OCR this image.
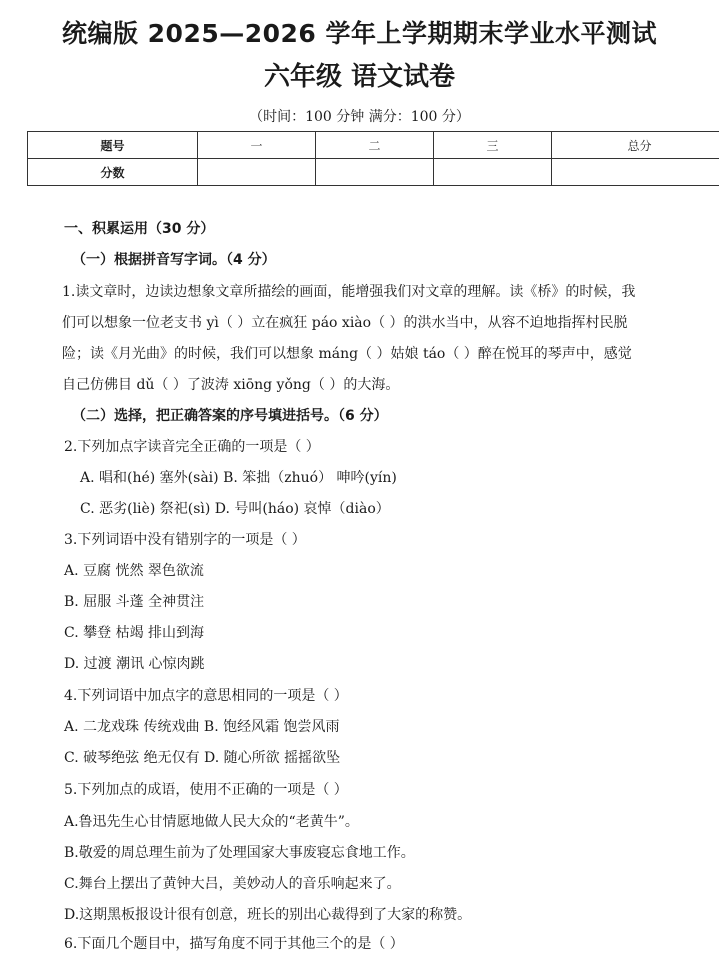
统编版 2025—2026 学年上学期期末学业水平测试
六年级 语文试卷
（时间：100 分钟 满分：100 分）
题号	一	二	三	总分
分数				
一、积累运用（30 分）
（一）根据拼音写字词。（4 分）
1.读文章时，边读边想象文章所描绘的画面，能增强我们对文章的理解。读《桥》的时候，我
们可以想象一位老支书 yì（ ）立在疯狂 páo xiào（ ）的洪水当中，从容不迫地指挥村民脱
险；读《月光曲》的时候，我们可以想象 máng（ ）姑娘 táo（ ）醉在悦耳的琴声中，感觉
自己仿佛目 dǔ（ ）了波涛 xiōng yǒng（ ）的大海。
（二）选择，把正确答案的序号填进括号。（6 分）
2.下列加点字读音完全正确的一项是（ ）
A. 唱和(hé) 塞外(sài) B. 笨拙（zhuó） 呻吟(yín)
C. 恶劣(liè) 祭祀(sì) D. 号叫(háo) 哀悼（diào）
3.下列词语中没有错别字的一项是（ ）
A. 豆腐 恍然 翠色欲流
B. 屈服 斗蓬 全神贯注
C. 攀登 枯竭 排山到海
D. 过渡 潮讯 心惊肉跳
4.下列词语中加点字的意思相同的一项是（ ）
A. 二龙戏珠 传统戏曲 B. 饱经风霜 饱尝风雨
C. 破琴绝弦 绝无仅有 D. 随心所欲 摇摇欲坠
5.下列加点的成语，使用不正确的一项是（ ）
A.鲁迅先生心甘情愿地做人民大众的“老黄牛”。
B.敬爱的周总理生前为了处理国家大事废寝忘食地工作。
C.舞台上摆出了黄钟大吕，美妙动人的音乐响起来了。
D.这期黑板报设计很有创意，班长的别出心裁得到了大家的称赞。
6.下面几个题目中，描写角度不同于其他三个的是（ ）
